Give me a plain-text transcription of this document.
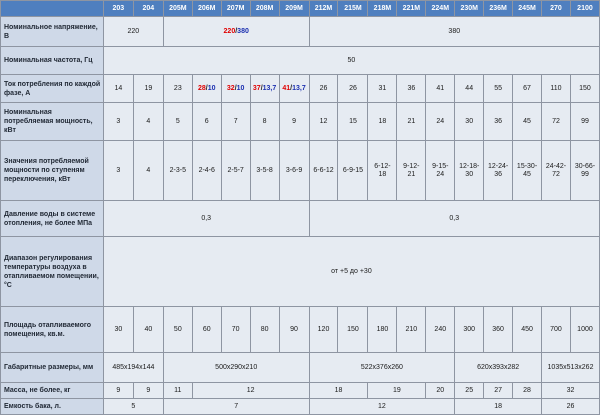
	203	204	205M	206M	207M	208M	209M	212M	215M	218M	221M	224M	230M	236M	245M	270	2100
Номинальное напряжение, В	220		220/380					380									
Номинальная частота, Гц	50																
Ток потребления по каждой фазе, А	14	19	23	28/10	32/10	37/13,7	41/13,7	26	26	31	36	41	44	55	67	110	150
Номинальная потребляемая мощность, кВт	3	4	5	6	7	8	9	12	15	18	21	24	30	36	45	72	99
Значения потребляемой мощности по ступеням переключения, кВт	3	4	2-3-5	2-4-6	2-5-7	3-5-8	3-6-9	6-6-12	6-9-15	6-12-18	9-12-21	9-15-24	12-18-30	12-24-36	15-30-45	24-42-72	30-66-99
Давление воды в системе отопления, не более МПа	0,3							0,3									
Диапазон регулирования температуры воздуха в отапливаемом помещении, °С	от +5 до +30																
Площадь отапливаемого помещения, кв.м.	30	40	50	60	70	80	90	120	150	180	210	240	300	360	450	700	1000
Габаритные размеры, мм	485x194x144		500x290x210					522x376x260					620x393x282			1035x513x262	
Масса, не более, кг	9	9	11	12				18		19		20	25	27	28	32	
Емкость бака, л.	5		7					12					18			26	
